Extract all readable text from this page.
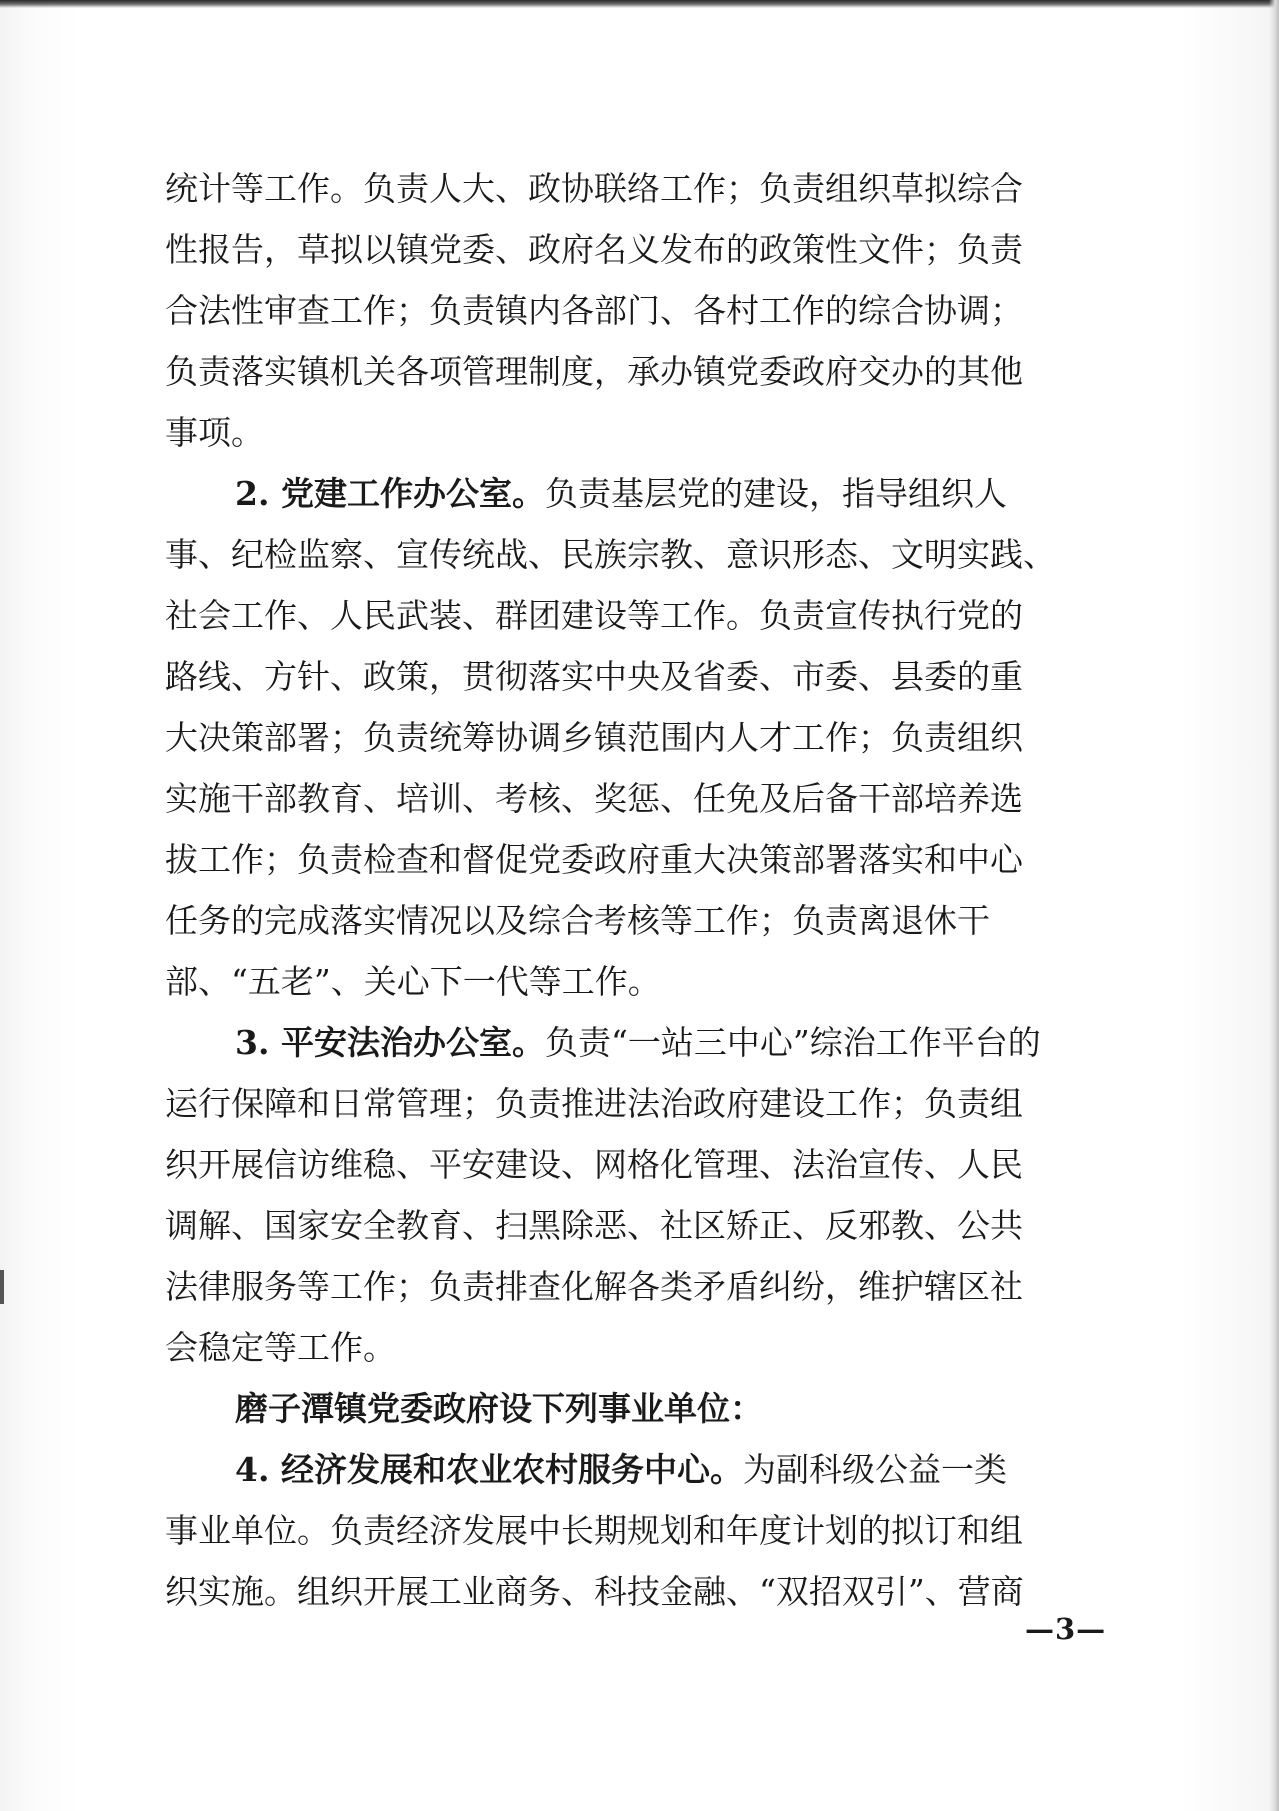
统计等工作。负责人大、政协联络工作；负责组织草拟综合
性报告，草拟以镇党委、政府名义发布的政策性文件；负责
合法性审查工作；负责镇内各部门、各村工作的综合协调；
负责落实镇机关各项管理制度，承办镇党委政府交办的其他
事项。
2. 党建工作办公室。负责基层党的建设，指导组织人
事、纪检监察、宣传统战、民族宗教、意识形态、文明实践、
社会工作、人民武装、群团建设等工作。负责宣传执行党的
路线、方针、政策，贯彻落实中央及省委、市委、县委的重
大决策部署；负责统筹协调乡镇范围内人才工作；负责组织
实施干部教育、培训、考核、奖惩、任免及后备干部培养选
拔工作；负责检查和督促党委政府重大决策部署落实和中心
任务的完成落实情况以及综合考核等工作；负责离退休干
部、“五老”、关心下一代等工作。
3. 平安法治办公室。负责“一站三中心”综治工作平台的
运行保障和日常管理；负责推进法治政府建设工作；负责组
织开展信访维稳、平安建设、网格化管理、法治宣传、人民
调解、国家安全教育、扫黑除恶、社区矫正、反邪教、公共
法律服务等工作；负责排查化解各类矛盾纠纷，维护辖区社
会稳定等工作。
磨子潭镇党委政府设下列事业单位：
4. 经济发展和农业农村服务中心。为副科级公益一类
事业单位。负责经济发展中长期规划和年度计划的拟订和组
织实施。组织开展工业商务、科技金融、“双招双引”、营商
—3—
